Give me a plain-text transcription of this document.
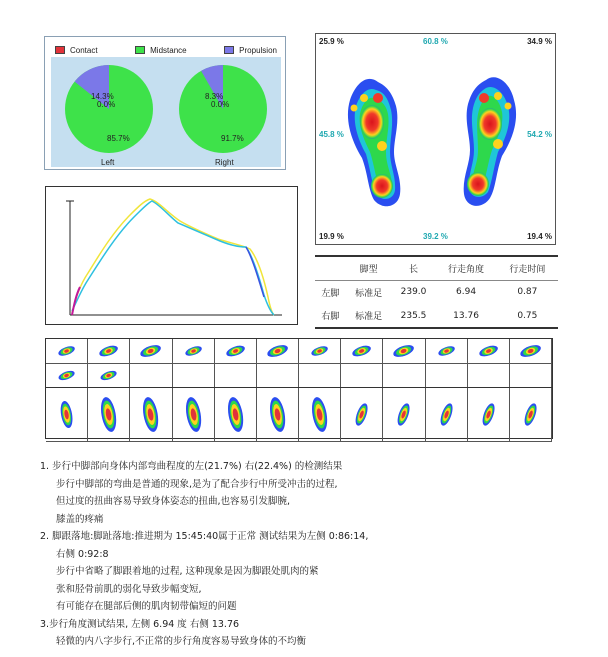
Contact	Midstance	Propulsion
14.3%
0.0%
85.7%
Left
8.3%
0.0%
91.7%
Right
25.9 %	60.8 %	34.9 %
45.8 %	54.2 %
19.9 %	39.2 %	19.4 %
	脚型	长	行走角度	行走时间
左脚	标准足	239.0	6.94	0.87
右脚	标准足	235.5	13.76	0.75
1. 步行中脚部向身体内部弯曲程度的左(21.7%) 右(22.4%) 的检测结果
步行中脚部的弯曲是普通的现象,是为了配合步行中所受冲击的过程,
但过度的扭曲容易导致身体姿态的扭曲,也容易引发脚腕,
膝盖的疼痛
2. 脚跟落地:脚趾落地:推进期为 15:45:40属于正常 测试结果为左侧 0:86:14,
右侧 0:92:8
步行中省略了脚跟着地的过程, 这种现象是因为脚跟处肌肉的紧
张和胫骨前肌的弱化导致步幅变短,
有可能存在腿部后侧的肌肉韧带偏短的问题
3.步行角度测试结果, 左侧 6.94 度 右侧 13.76
轻微的内八字步行,不正常的步行角度容易导致身体的不均衡
